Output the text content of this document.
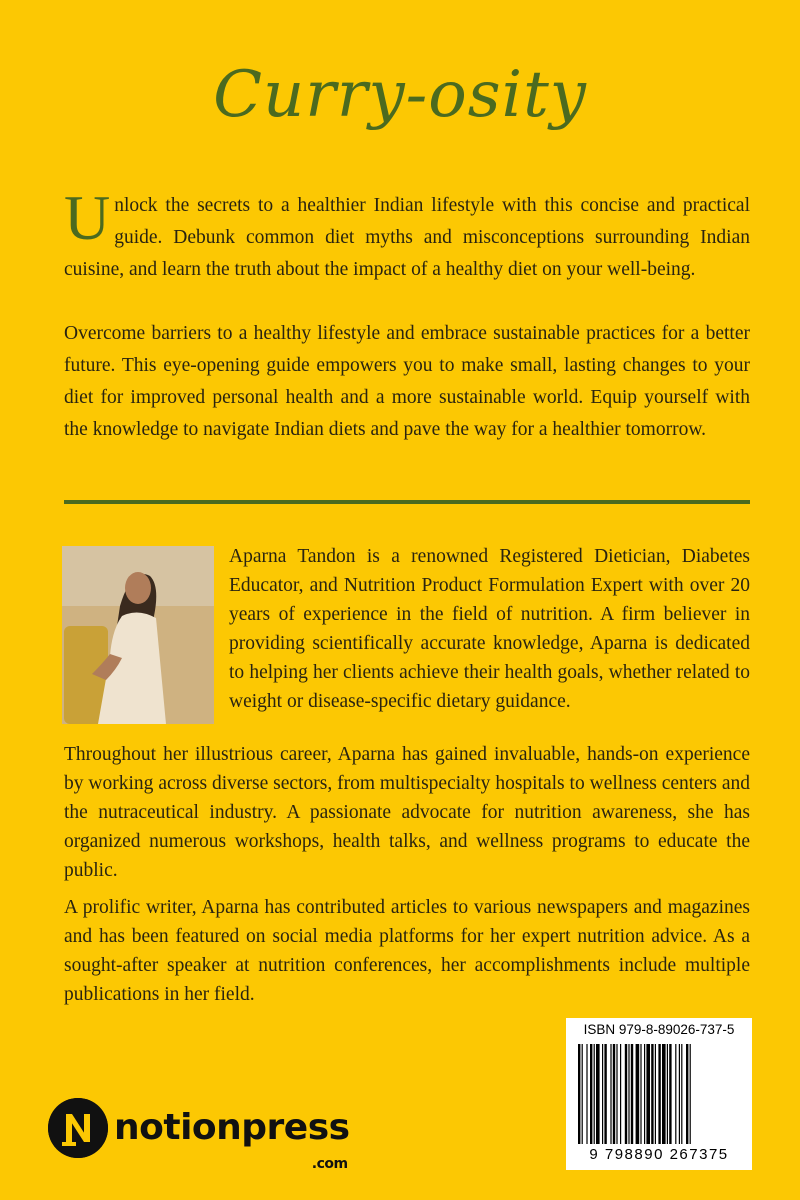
Curry-osity
Unlock the secrets to a healthier Indian lifestyle with this concise and practical guide. Debunk common diet myths and misconceptions surrounding Indian cuisine, and learn the truth about the impact of a healthy diet on your well-being.
Overcome barriers to a healthy lifestyle and embrace sustainable practices for a better future. This eye-opening guide empowers you to make small, lasting changes to your diet for improved personal health and a more sustainable world. Equip yourself with the knowledge to navigate Indian diets and pave the way for a healthier tomorrow.
Aparna Tandon is a renowned Registered Dietician, Diabetes Educator, and Nutrition Product Formulation Expert with over 20 years of experience in the field of nutrition. A firm believer in providing scientifically accurate knowledge, Aparna is dedicated to helping her clients achieve their health goals, whether related to weight or disease-specific dietary guidance.
Throughout her illustrious career, Aparna has gained invaluable, hands-on experience by working across diverse sectors, from multispecialty hospitals to wellness centers and the nutraceutical industry. A passionate advocate for nutrition awareness, she has organized numerous workshops, health talks, and wellness programs to educate the public.
A prolific writer, Aparna has contributed articles to various newspapers and magazines and has been featured on social media platforms for her expert nutrition advice. As a sought-after speaker at nutrition conferences, her accomplishments include multiple publications in her field.
notionpress
.com
ISBN 979-8-89026-737-5
9 798890 267375
